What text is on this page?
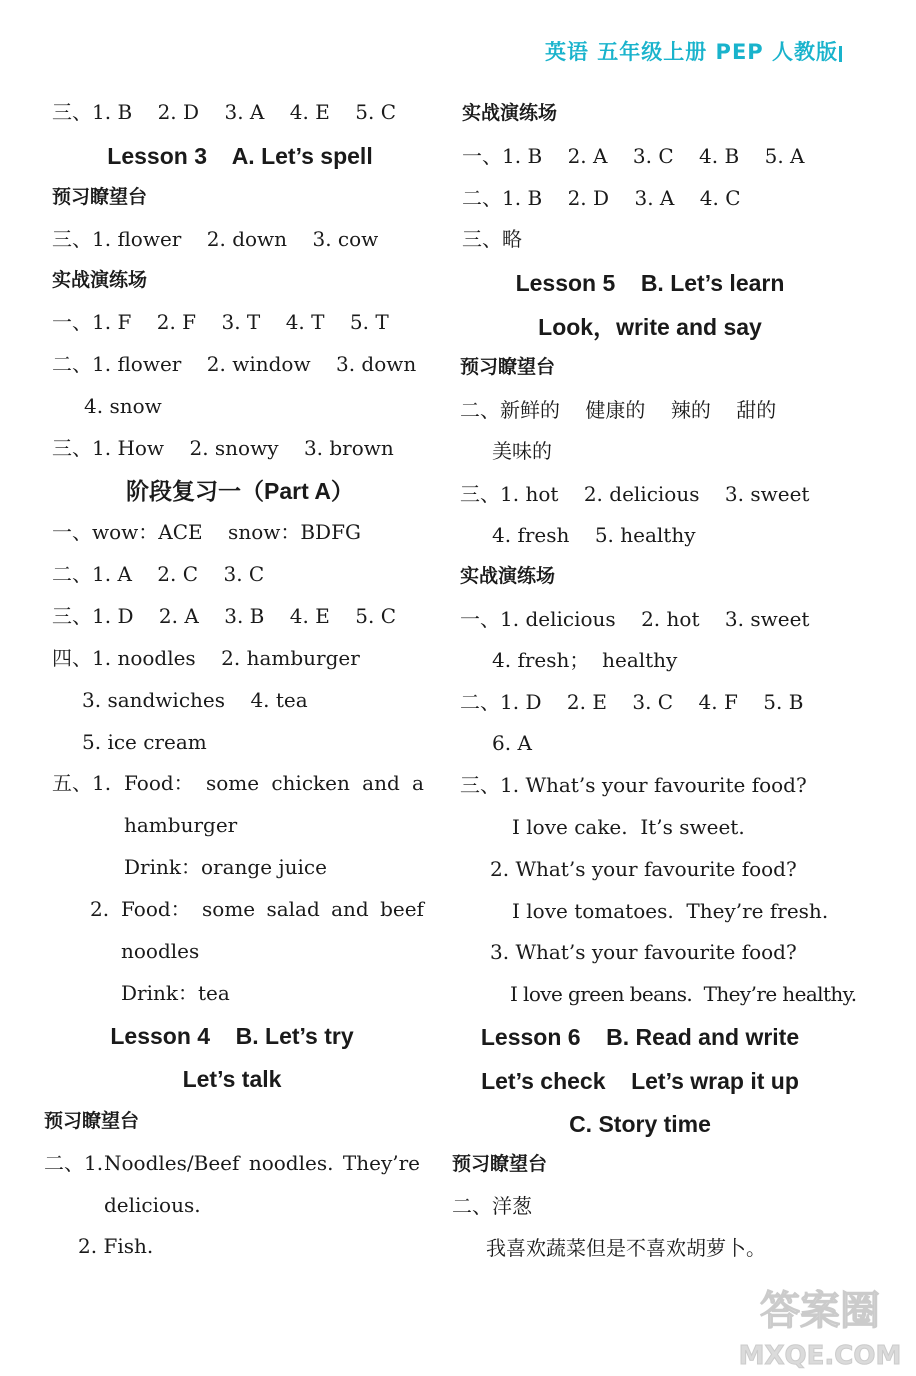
英语 五年级上册 PEP 人教版
三、1. B    2. D    3. A    4. E    5. C
Lesson 3    A. Let’s spell
预习瞭望台
三、1. flower    2. down    3. cow
实战演练场
一、1. F    2. F    3. T    4. T    5. T
二、1. flower    2. window    3. down
4. snow
三、1. How    2. snowy    3. brown
阶段复习一（Part A）
一、wow：ACE    snow：BDFG
二、1. A    2. C    3. C
三、1. D    2. A    3. B    4. E    5. C
四、1. noodles    2. hamburger
3. sandwiches    4. tea
5. ice cream
五、1. Food： some chicken and a
hamburger
Drink：orange juice
2. Food： some salad and beef
noodles
Drink：tea
Lesson 4    B. Let’s try
Let’s talk
预习瞭望台
二、1. Noodles/Beef noodles. They’re
delicious.
2. Fish.
实战演练场
一、1. B    2. A    3. C    4. B    5. A
二、1. B    2. D    3. A    4. C
三、略
Lesson 5    B. Let’s learn
Look，write and say
预习瞭望台
二、新鲜的    健康的    辣的    甜的
美味的
三、1. hot    2. delicious    3. sweet
4. fresh    5. healthy
实战演练场
一、1. delicious    2. hot    3. sweet
4. fresh；  healthy
二、1. D    2. E    3. C    4. F    5. B
6. A
三、1. What’s your favourite food?
I love cake.  It’s sweet.
2. What’s your favourite food?
I love tomatoes.  They’re fresh.
3. What’s your favourite food?
I love green beans.  They’re healthy.
Lesson 6    B. Read and write
Let’s check    Let’s wrap it up
C. Story time
预习瞭望台
二、洋葱
我喜欢蔬菜但是不喜欢胡萝卜。
答案圈
MXQE.COM
